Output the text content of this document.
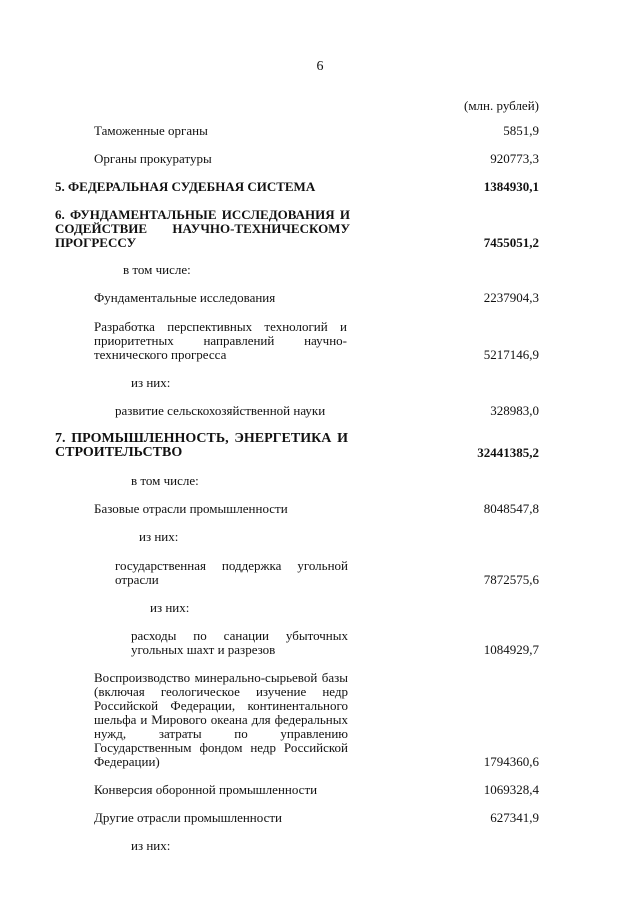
6
(млн. рублей)
Таможенные органы	5851,9
Органы прокуратуры	920773,3
5. ФЕДЕРАЛЬНАЯ СУДЕБНАЯ СИСТЕМА	1384930,1
6. ФУНДАМЕНТАЛЬНЫЕ ИССЛЕДОВАНИЯ И СОДЕЙСТВИЕ НАУЧНО-ТЕХНИЧЕСКОМУ ПРОГРЕССУ	7455051,2
в том числе:
Фундаментальные исследования	2237904,3
Разработка перспективных технологий и приоритетных направлений научно-технического прогресса	5217146,9
из них:
развитие сельскохозяйственной науки	328983,0
7. ПРОМЫШЛЕННОСТЬ, ЭНЕРГЕТИКА И СТРОИТЕЛЬСТВО	32441385,2
в том числе:
Базовые отрасли промышленности	8048547,8
из них:
государственная поддержка угольной отрасли	7872575,6
из них:
расходы по санации убыточных угольных шахт и разрезов	1084929,7
Воспроизводство минерально-сырьевой базы (включая геологическое изучение недр Российской Федерации, континентального шельфа и Мирового океана для федеральных нужд, затраты по управлению Государственным фондом недр Российской Федерации)	1794360,6
Конверсия оборонной промышленности	1069328,4
Другие отрасли промышленности	627341,9
из них:
